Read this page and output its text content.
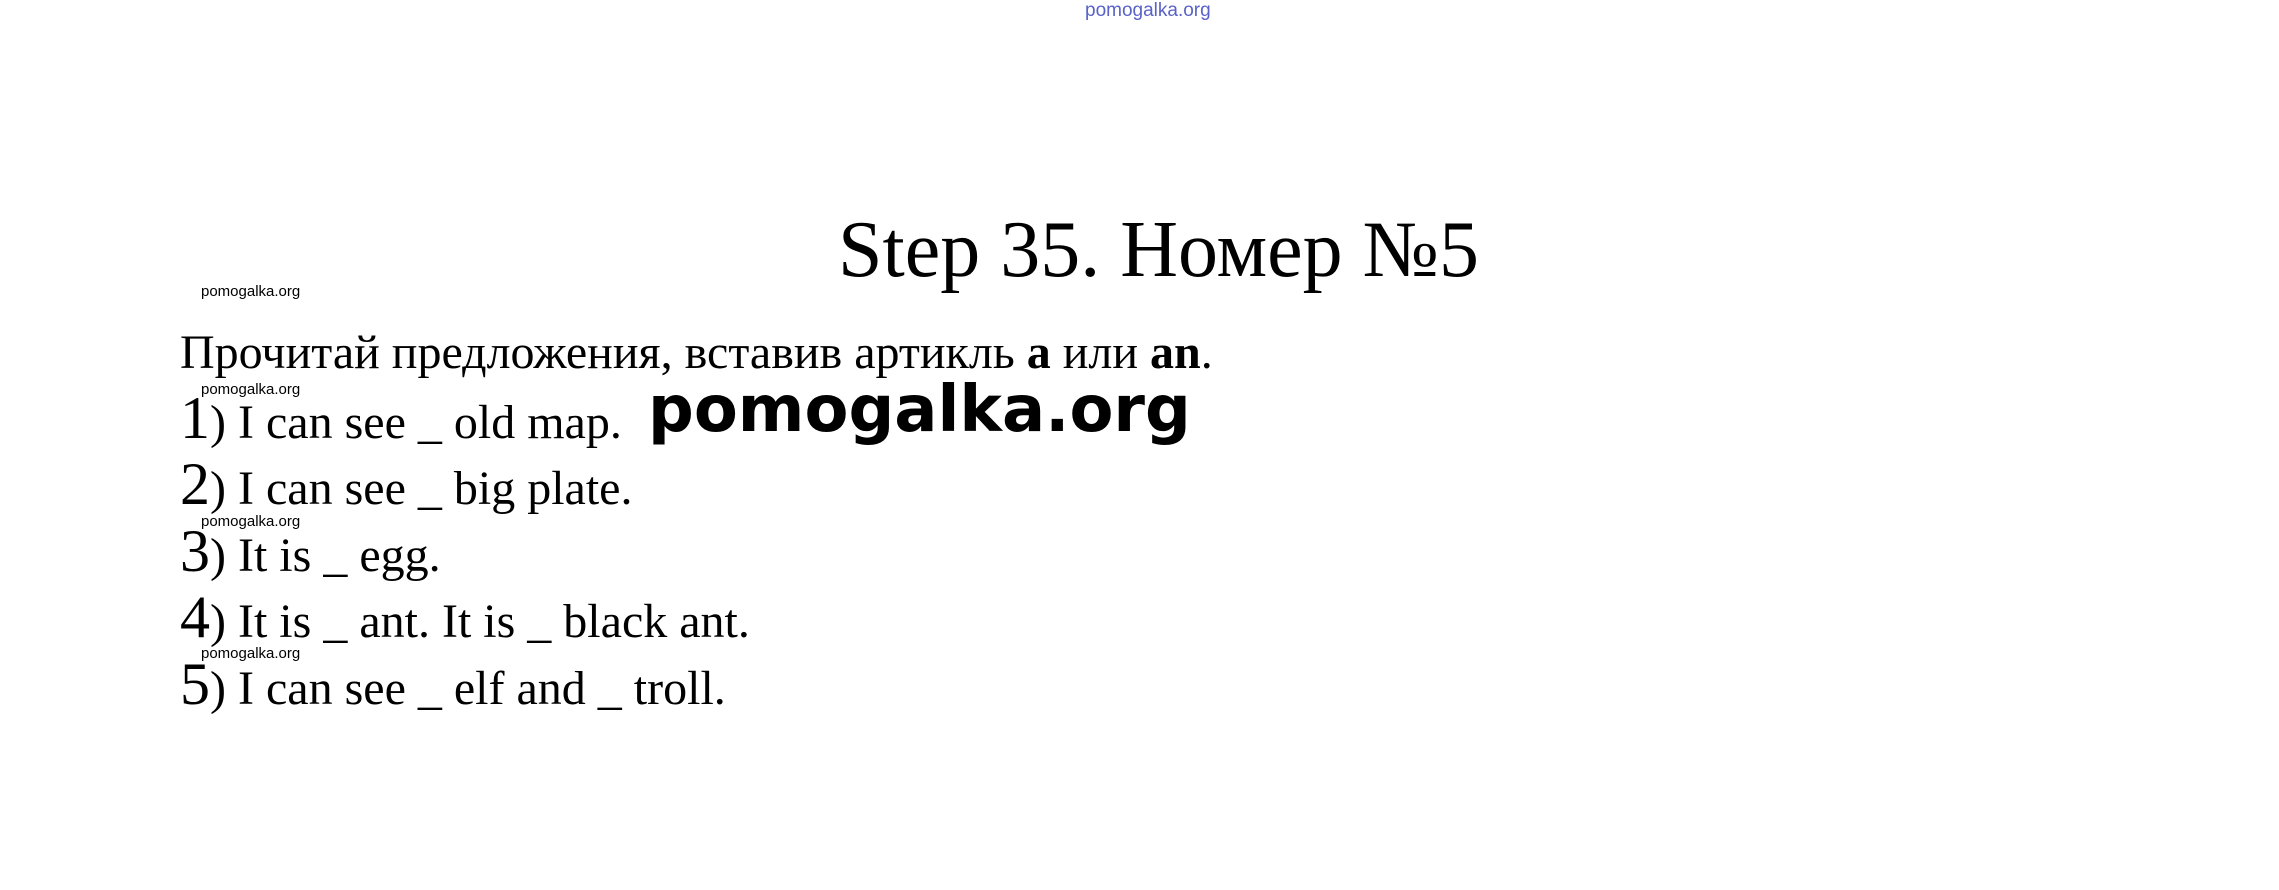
pomogalka.org
Step 35. Номер №5
pomogalka.org
Прочитай предложения, вставив артикль a или an.
pomogalka.org
1) I can see _ old map. pomogalka.org
2) I can see _ big plate.
pomogalka.org
3) It is _ egg.
4) It is _ ant. It is _ black ant.
pomogalka.org
5) I can see _ elf and _ troll.
